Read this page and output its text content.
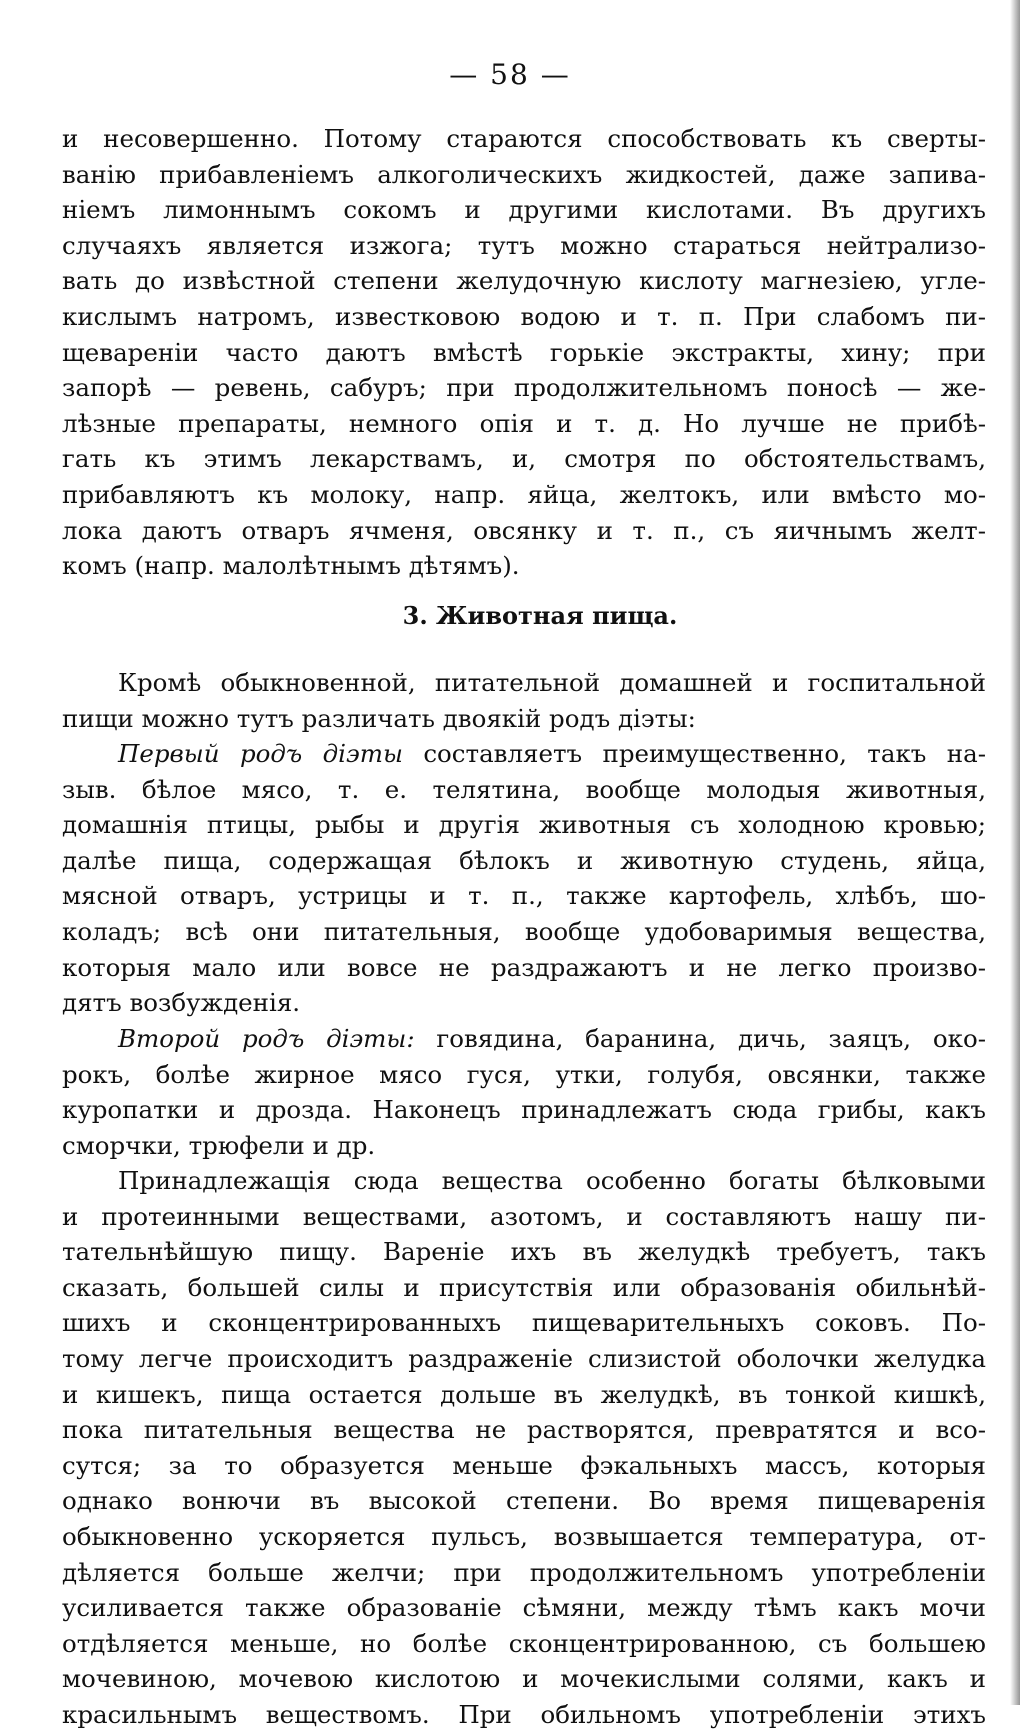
— 58 —
и несовершенно. Потому стараются способствовать къ сверты-
ванію прибавленіемъ алкоголическихъ жидкостей, даже запива-
ніемъ лимоннымъ сокомъ и другими кислотами. Въ другихъ
случаяхъ является изжога; тутъ можно стараться нейтрализо-
вать до извѣстной степени желудочную кислоту магнезіею, угле-
кислымъ натромъ, известковою водою и т. п. При слабомъ пи-
щевареніи часто даютъ вмѣстѣ горькіе экстракты, хину; при
запорѣ — ревень, сабуръ; при продолжительномъ поносѣ — же-
лѣзные препараты, немного опія и т. д. Но лучше не прибѣ-
гать къ этимъ лекарствамъ, и, смотря по обстоятельствамъ,
прибавляютъ къ молоку, напр. яйца, желтокъ, или вмѣсто мо-
лока даютъ отваръ ячменя, овсянку и т. п., съ яичнымъ желт-
комъ (напр. малолѣтнымъ дѣтямъ).
3. Животная пища.
Кромѣ обыкновенной, питательной домашней и госпитальной
пищи можно тутъ различать двоякій родъ діэты:
Первый родъ діэты составляетъ преимущественно, такъ на-
зыв. бѣлое мясо, т. е. телятина, вообще молодыя животныя,
домашнія птицы, рыбы и другія животныя съ холодною кровью;
далѣе пища, содержащая бѣлокъ и животную студень, яйца,
мясной отваръ, устрицы и т. п., также картофель, хлѣбъ, шо-
коладъ; всѣ они питательныя, вообще удобоваримыя вещества,
которыя мало или вовсе не раздражаютъ и не легко произво-
дятъ возбужденія.
Второй родъ діэты: говядина, баранина, дичь, заяцъ, око-
рокъ, болѣе жирное мясо гуся, утки, голубя, овсянки, также
куропатки и дрозда. Наконецъ принадлежатъ сюда грибы, какъ
сморчки, трюфели и др.
Принадлежащія сюда вещества особенно богаты бѣлковыми
и протеинными веществами, азотомъ, и составляютъ нашу пи-
тательнѣйшую пищу. Вареніе ихъ въ желудкѣ требуетъ, такъ
сказать, большей силы и присутствія или образованія обильнѣй-
шихъ и сконцентрированныхъ пищеварительныхъ соковъ. По-
тому легче происходитъ раздраженіе слизистой оболочки желудка
и кишекъ, пища остается дольше въ желудкѣ, въ тонкой кишкѣ,
пока питательныя вещества не растворятся, превратятся и вcо-
сутся; за то образуется меньше фэкальныхъ массъ, которыя
однако вонючи въ высокой степени. Во время пищеваренія
обыкновенно ускоряется пульсъ, возвышается температура, от-
дѣляется больше желчи; при продолжительномъ употребленіи
усиливается также образованіе сѣмяни, между тѣмъ какъ мочи
отдѣляется меньше, но болѣе сконцентрированною, съ большею
мочевиною, мочевою кислотою и мочекислыми солями, какъ и
красильнымъ веществомъ. При обильномъ употребленіи этихъ
